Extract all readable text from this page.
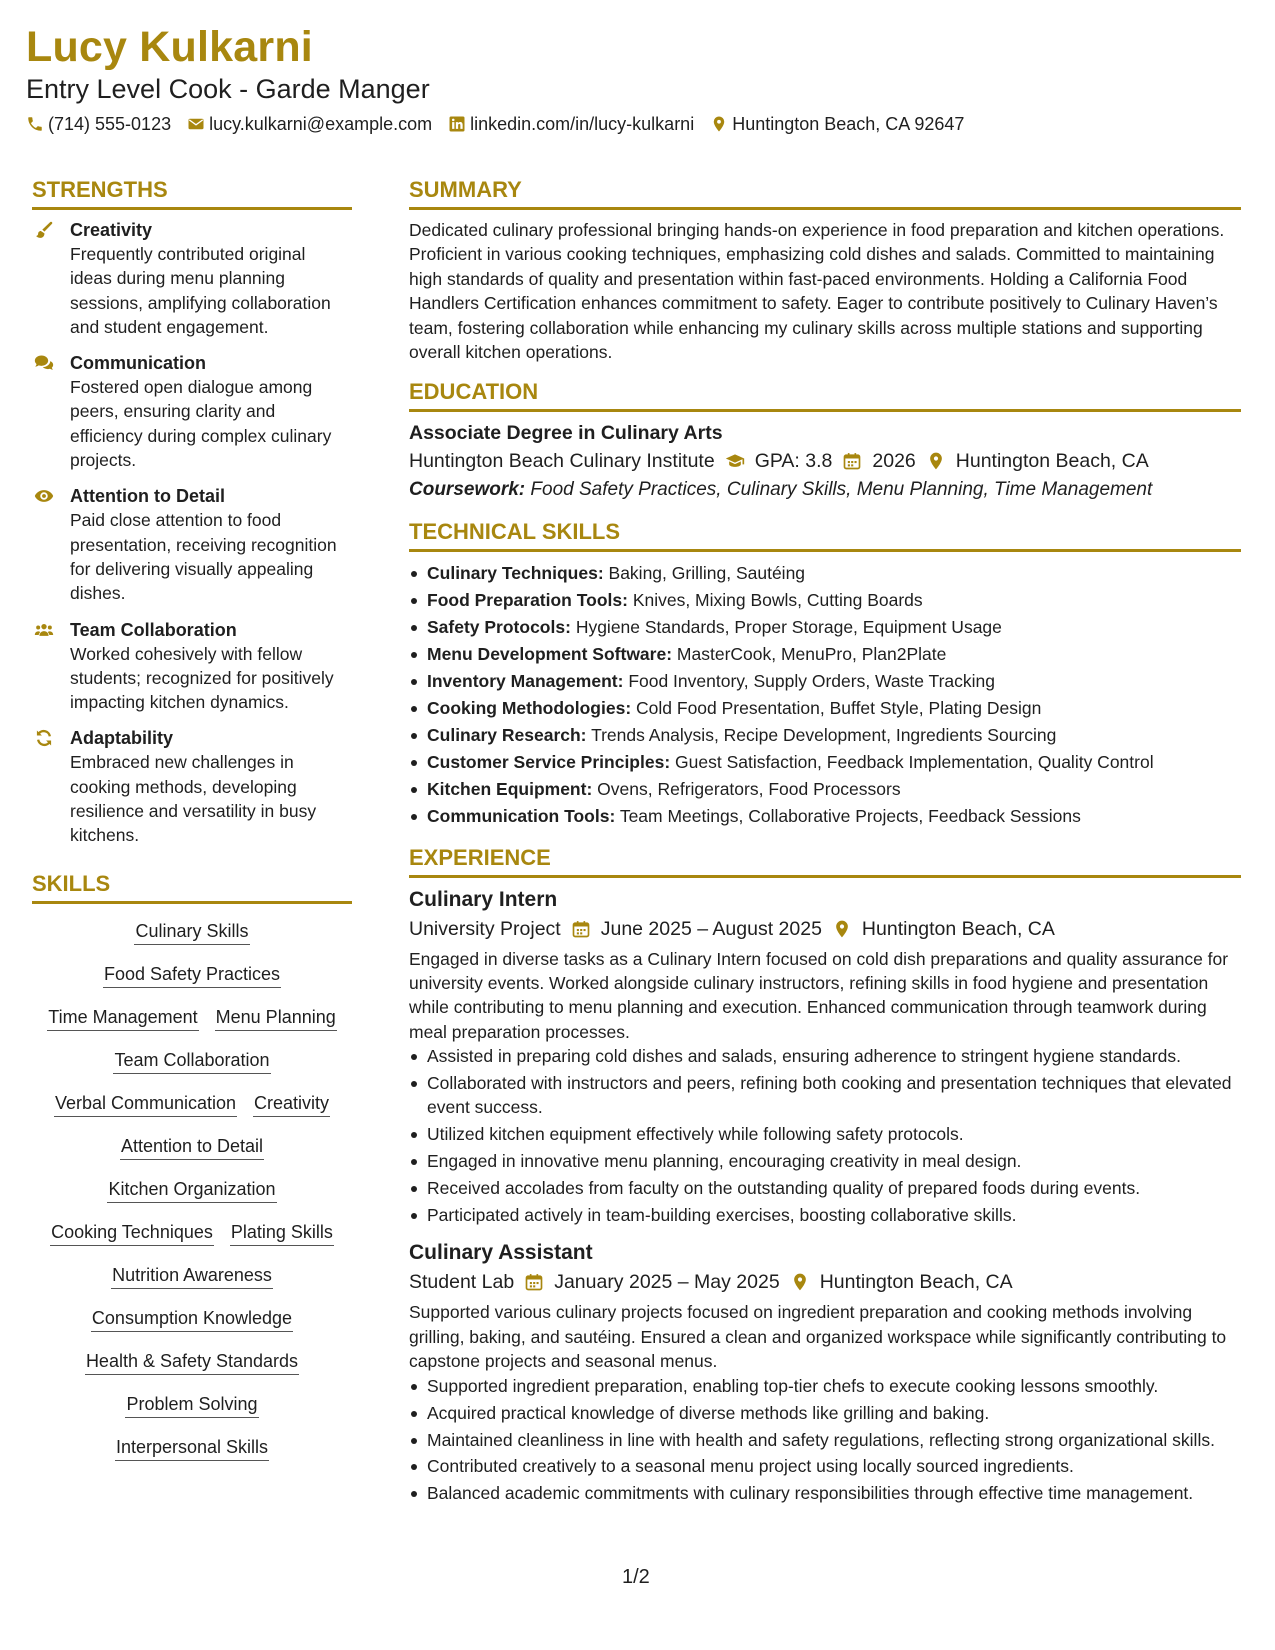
Lucy Kulkarni
Entry Level Cook - Garde Manger
(714) 555-0123 lucy.kulkarni@example.com linkedin.com/in/lucy-kulkarni Huntington Beach, CA 92647
STRENGTHS
Creativity
Frequently contributed original ideas during menu planning sessions, amplifying collaboration and student engagement.
Communication
Fostered open dialogue among peers, ensuring clarity and efficiency during complex culinary projects.
Attention to Detail
Paid close attention to food presentation, receiving recognition for delivering visually appealing dishes.
Team Collaboration
Worked cohesively with fellow students; recognized for positively impacting kitchen dynamics.
Adaptability
Embraced new challenges in cooking methods, developing resilience and versatility in busy kitchens.
SKILLS
Culinary Skills
Food Safety Practices
Time Management Menu Planning
Team Collaboration
Verbal Communication Creativity
Attention to Detail
Kitchen Organization
Cooking Techniques Plating Skills
Nutrition Awareness
Consumption Knowledge
Health & Safety Standards
Problem Solving
Interpersonal Skills
SUMMARY

Dedicated culinary professional bringing hands-on experience in food preparation and kitchen operations. Proficient in various cooking techniques, emphasizing cold dishes and salads. Committed to maintaining high standards of quality and presentation within fast-paced environments. Holding a California Food Handlers Certification enhances commitment to safety. Eager to contribute positively to Culinary Haven’s team, fostering collaboration while enhancing my culinary skills across multiple stations and supporting overall kitchen operations.

EDUCATION
Associate Degree in Culinary Arts
Huntington Beach Culinary Institute GPA: 3.8 2026 Huntington Beach, CA
Coursework: Food Safety Practices, Culinary Skills, Menu Planning, Time Management
TECHNICAL SKILLS
Culinary Techniques: Baking, Grilling, Sautéing
Food Preparation Tools: Knives, Mixing Bowls, Cutting Boards
Safety Protocols: Hygiene Standards, Proper Storage, Equipment Usage
Menu Development Software: MasterCook, MenuPro, Plan2Plate
Inventory Management: Food Inventory, Supply Orders, Waste Tracking
Cooking Methodologies: Cold Food Presentation, Buffet Style, Plating Design
Culinary Research: Trends Analysis, Recipe Development, Ingredients Sourcing
Customer Service Principles: Guest Satisfaction, Feedback Implementation, Quality Control
Kitchen Equipment: Ovens, Refrigerators, Food Processors
Communication Tools: Team Meetings, Collaborative Projects, Feedback Sessions
EXPERIENCE
Culinary Intern
University Project June 2025 – August 2025 Huntington Beach, CA

Engaged in diverse tasks as a Culinary Intern focused on cold dish preparations and quality assurance for university events. Worked alongside culinary instructors, refining skills in food hygiene and presentation while contributing to menu planning and execution. Enhanced communication through teamwork during meal preparation processes.

Assisted in preparing cold dishes and salads, ensuring adherence to stringent hygiene standards.
Collaborated with instructors and peers, refining both cooking and presentation techniques that elevated event success.
Utilized kitchen equipment effectively while following safety protocols.
Engaged in innovative menu planning, encouraging creativity in meal design.
Received accolades from faculty on the outstanding quality of prepared foods during events.
Participated actively in team-building exercises, boosting collaborative skills.
Culinary Assistant
Student Lab January 2025 – May 2025 Huntington Beach, CA

Supported various culinary projects focused on ingredient preparation and cooking methods involving grilling, baking, and sautéing. Ensured a clean and organized workspace while significantly contributing to capstone projects and seasonal menus.

Supported ingredient preparation, enabling top-tier chefs to execute cooking lessons smoothly.
Acquired practical knowledge of diverse methods like grilling and baking.
Maintained cleanliness in line with health and safety regulations, reflecting strong organizational skills.
Contributed creatively to a seasonal menu project using locally sourced ingredients.
Balanced academic commitments with culinary responsibilities through effective time management.
1/2
